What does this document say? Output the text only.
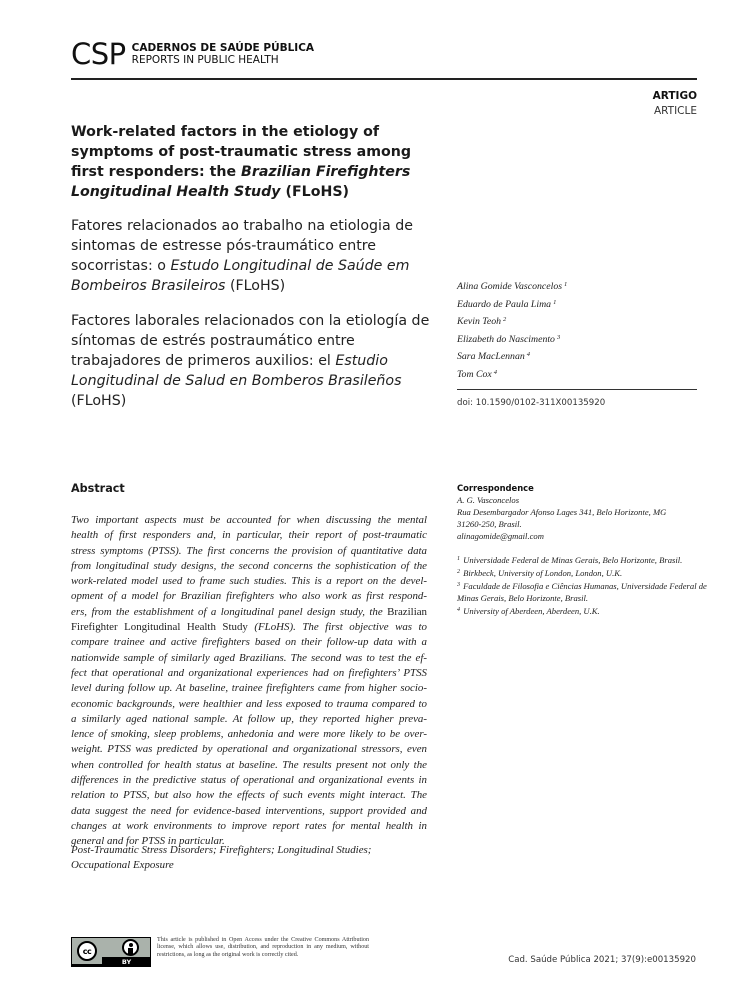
CSP CADERNOS DE SAÚDE PÚBLICA
REPORTS IN PUBLIC HEALTH
ARTIGO
ARTICLE
Work-related factors in the etiology of symptoms of post-traumatic stress among first responders: the Brazilian Firefighters Longitudinal Health Study (FLoHS)
Fatores relacionados ao trabalho na etiologia de sintomas de estresse pós-traumático entre socorristas: o Estudo Longitudinal de Saúde em Bombeiros Brasileiros (FLoHS)
Factores laborales relacionados con la etiología de síntomas de estrés postraumático entre trabajadores de primeros auxilios: el Estudio Longitudinal de Salud en Bomberos Brasileños (FLoHS)
Alina Gomide Vasconcelos $^1$
Eduardo de Paula Lima $^1$
Kevin Teoh $^2$
Elizabeth do Nascimento $^3$
Sara MacLennan $^4$
Tom Cox $^4$
doi: 10.1590/0102-311X00135920
Abstract
Two important aspects must be accounted for when discussing the mental
health of first responders and, in particular, their report of post-traumatic
stress symptoms (PTSS). The first concerns the provision of quantitative data
from longitudinal study designs, the second concerns the sophistication of the
work-related model used to frame such studies. This is a report on the devel-
opment of a model for Brazilian firefighters who also work as first respond-
ers, from the establishment of a longitudinal panel design study, the Brazilian
Firefighter Longitudinal Health Study (FLoHS). The first objective was to
compare trainee and active firefighters based on their follow-up data with a
nationwide sample of similarly aged Brazilians. The second was to test the ef-
fect that operational and organizational experiences had on firefighters’ PTSS
level during follow up. At baseline, trainee firefighters came from higher socio-
economic backgrounds, were healthier and less exposed to trauma compared to
a similarly aged national sample. At follow up, they reported higher preva-
lence of smoking, sleep problems, anhedonia and were more likely to be over-
weight. PTSS was predicted by operational and organizational stressors, even
when controlled for health status at baseline. The results present not only the
differences in the predictive status of operational and organizational events in
relation to PTSS, but also how the effects of such events might interact. The
data suggest the need for evidence-based interventions, support provided and
changes at work environments to improve report rates for mental health in
general and for PTSS in particular.

Post-Traumatic Stress Disorders; Firefighters; Longitudinal Studies; Occupational Exposure

Correspondence
A. G. Vasconcelos
Rua Desembargador Afonso Lages 341, Belo Horizonte, MG
31260-250, Brasil.
alinagomide@gmail.com
$^1$ Universidade Federal de Minas Gerais, Belo Horizonte, Brasil.
$^2$ Birkbeck, University of London, London, U.K.
$^3$ Faculdade de Filosofia e Ciências Humanas, Universidade Federal de Minas Gerais, Belo Horizonte, Brasil.
$^4$ University of Aberdeen, Aberdeen, U.K.
cc
BY

This article is published in Open Access under the Creative Commons Attribution license, which allows use, distribution, and reproduction in any medium, without restrictions, as long as the original work is correctly cited.

Cad. Saúde Pública 2021; 37(9):e00135920
